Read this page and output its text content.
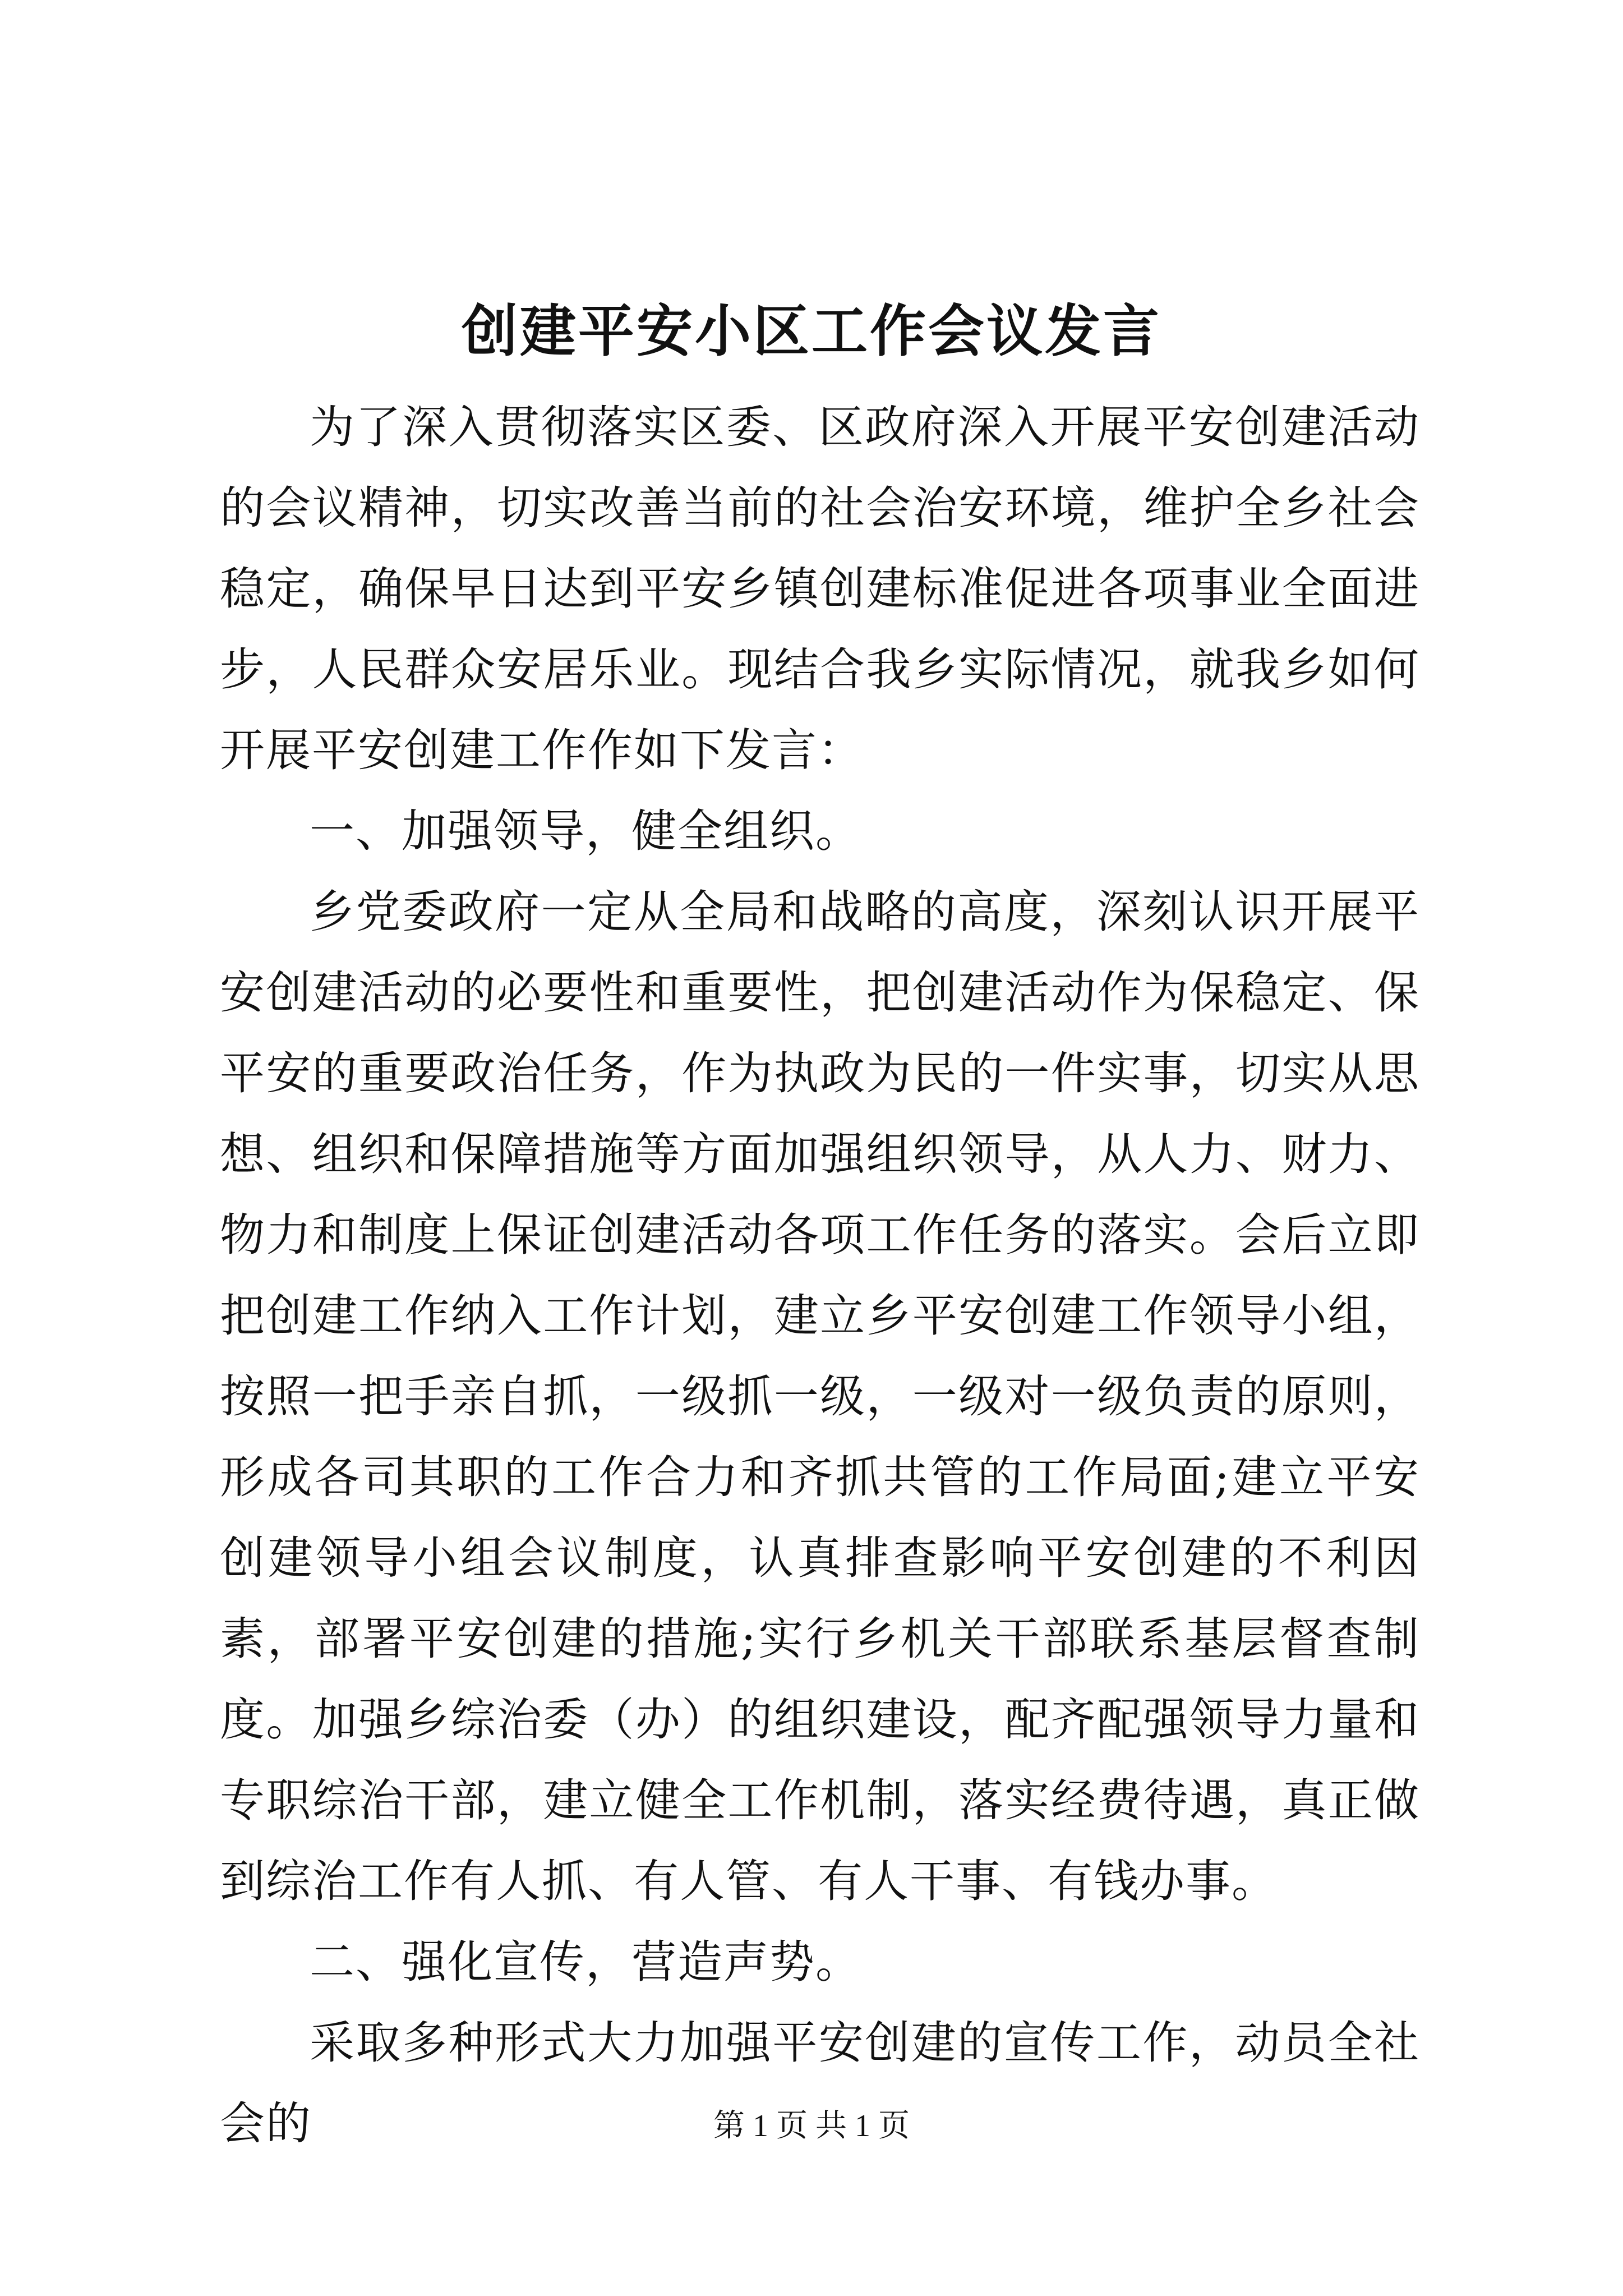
创建平安小区工作会议发言

为了深入贯彻落实区委、区政府深入开展平安创建活动的会议精神，切实改善当前的社会治安环境，维护全乡社会稳定，确保早日达到平安乡镇创建标准促进各项事业全面进步，人民群众安居乐业。现结合我乡实际情况，就我乡如何开展平安创建工作作如下发言：

一、加强领导，健全组织。

乡党委政府一定从全局和战略的高度，深刻认识开展平安创建活动的必要性和重要性，把创建活动作为保稳定、保平安的重要政治任务，作为执政为民的一件实事，切实从思想、组织和保障措施等方面加强组织领导，从人力、财力、物力和制度上保证创建活动各项工作任务的落实。会后立即把创建工作纳入工作计划，建立乡平安创建工作领导小组，按照一把手亲自抓，一级抓一级，一级对一级负责的原则，形成各司其职的工作合力和齐抓共管的工作局面;建立平安创建领导小组会议制度，认真排查影响平安创建的不利因素，部署平安创建的措施;实行乡机关干部联系基层督查制度。加强乡综治委（办）的组织建设，配齐配强领导力量和专职综治干部，建立健全工作机制，落实经费待遇，真正做到综治工作有人抓、有人管、有人干事、有钱办事。

二、强化宣传，营造声势。

采取多种形式大力加强平安创建的宣传工作，动员全社会的	第 1 页 共 1 页
